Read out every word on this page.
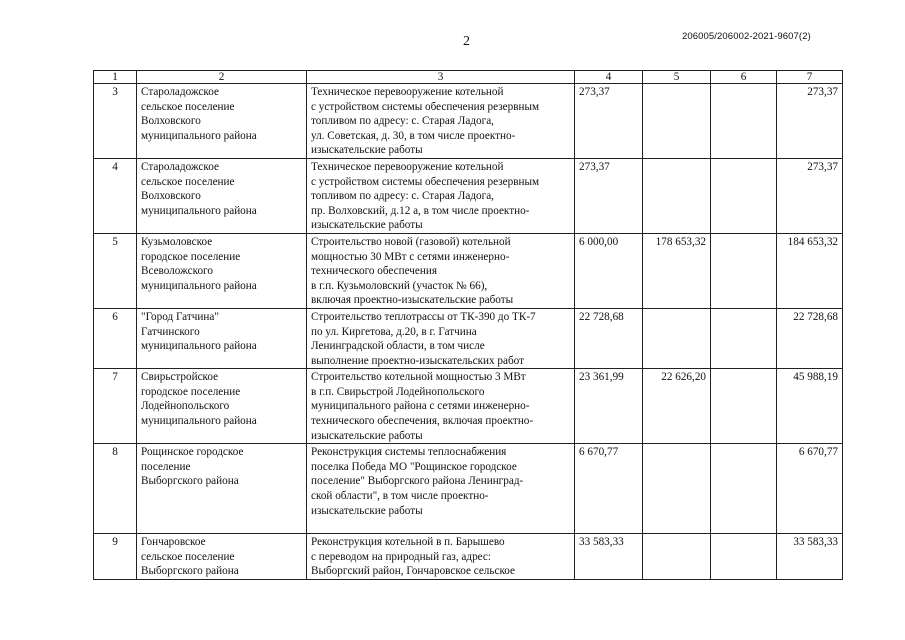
2	206005/206002-2021-9607(2)
1	2	3	4	5	6	7
3	Староладожское
сельское поселение
Волховского
муниципального района	Техническое перевооружение котельной
с устройством системы обеспечения резервным
топливом по адресу: с. Старая Ладога,
ул. Советская, д. 30, в том числе проектно-
изыскательские работы	273,37			273,37
4	Староладожское
сельское поселение
Волховского
муниципального района	Техническое перевооружение котельной
с устройством системы обеспечения резервным
топливом по адресу: с. Старая Ладога,
пр. Волховский, д.12 а, в том числе проектно-
изыскательские работы	273,37			273,37
5	Кузьмоловское
городское поселение
Всеволожского
муниципального района	Строительство новой (газовой) котельной
мощностью 30 МВт с сетями инженерно-
технического обеспечения
в г.п. Кузьмоловский (участок № 66),
включая проектно-изыскательские работы	6 000,00	178 653,32		184 653,32
6	"Город Гатчина"
Гатчинского
муниципального района	Строительство теплотрассы от ТК-390 до ТК-7
по ул. Киргетова, д.20, в г. Гатчина
Ленинградской области, в том числе
выполнение проектно-изыскательских работ	22 728,68			22 728,68
7	Свирьстройское
городское поселение
Лодейнопольского
муниципального района	Строительство котельной мощностью 3 МВт
в г.п. Свирьстрой Лодейнопольского
муниципального района с сетями инженерно-
технического обеспечения, включая проектно-
изыскательские работы	23 361,99	22 626,20		45 988,19
8	Рощинское городское
поселение
Выборгского района	Реконструкция системы теплоснабжения
поселка Победа МО "Рощинское городское
поселение" Выборгского района Ленинград-
ской области", в том числе проектно-
изыскательские работы	6 670,77			6 670,77
9	Гончаровское
сельское поселение
Выборгского района	Реконструкция котельной в п. Барышево
с переводом на природный газ, адрес:
Выборгский район, Гончаровское сельское	33 583,33			33 583,33
